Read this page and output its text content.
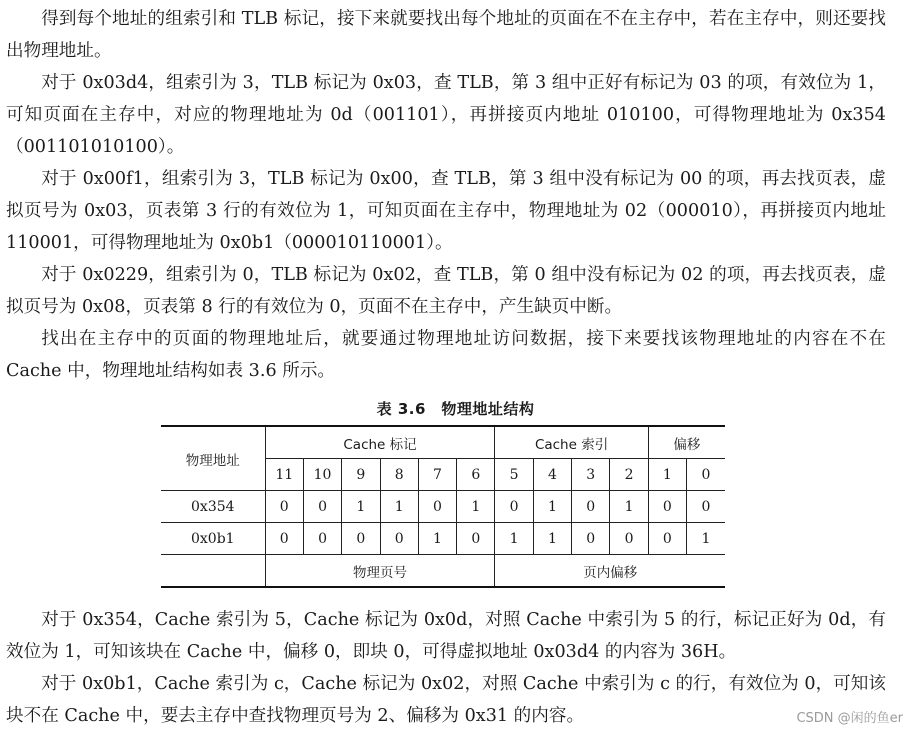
得到每个地址的组索引和 TLB 标记，接下来就要找出每个地址的页面在不在主存中，若在主存中，则还要找出物理地址。

对于 0x03d4，组索引为 3，TLB 标记为 0x03，查 TLB，第 3 组中正好有标记为 03 的项，有效位为 1，可知页面在主存中，对应的物理地址为 0d（001101），再拼接页内地址 010100，可得物理地址为 0x354（001101010100）。

对于 0x00f1，组索引为 3，TLB 标记为 0x00，查 TLB，第 3 组中没有标记为 00 的项，再去找页表，虚拟页号为 0x03，页表第 3 行的有效位为 1，可知页面在主存中，物理地址为 02（000010），再拼接页内地址 110001，可得物理地址为 0x0b1（000010110001）。

对于 0x0229，组索引为 0，TLB 标记为 0x02，查 TLB，第 0 组中没有标记为 02 的项，再去找页表，虚拟页号为 0x08，页表第 8 行的有效位为 0，页面不在主存中，产生缺页中断。

找出在主存中的页面的物理地址后，就要通过物理地址访问数据，接下来要找该物理地址的内容在不在 Cache 中，物理地址结构如表 3.6 所示。

表 3.6　物理地址结构
物理地址	Cache 标记						Cache 索引				偏移	
	11	10	9	8	7	6	5	4	3	2	1	0
0x354	0	0	1	1	0	1	0	1	0	1	0	0
0x0b1	0	0	0	0	1	0	1	1	0	0	0	1
	物理页号						页内偏移					

对于 0x354，Cache 索引为 5，Cache 标记为 0x0d，对照 Cache 中索引为 5 的行，标记正好为 0d，有效位为 1，可知该块在 Cache 中，偏移 0，即块 0，可得虚拟地址 0x03d4 的内容为 36H。

对于 0x0b1，Cache 索引为 c，Cache 标记为 0x02，对照 Cache 中索引为 c 的行，有效位为 0，可知该块不在 Cache 中，要去主存中查找物理页号为 2、偏移为 0x31 的内容。	CSDN @闲的鱼er
